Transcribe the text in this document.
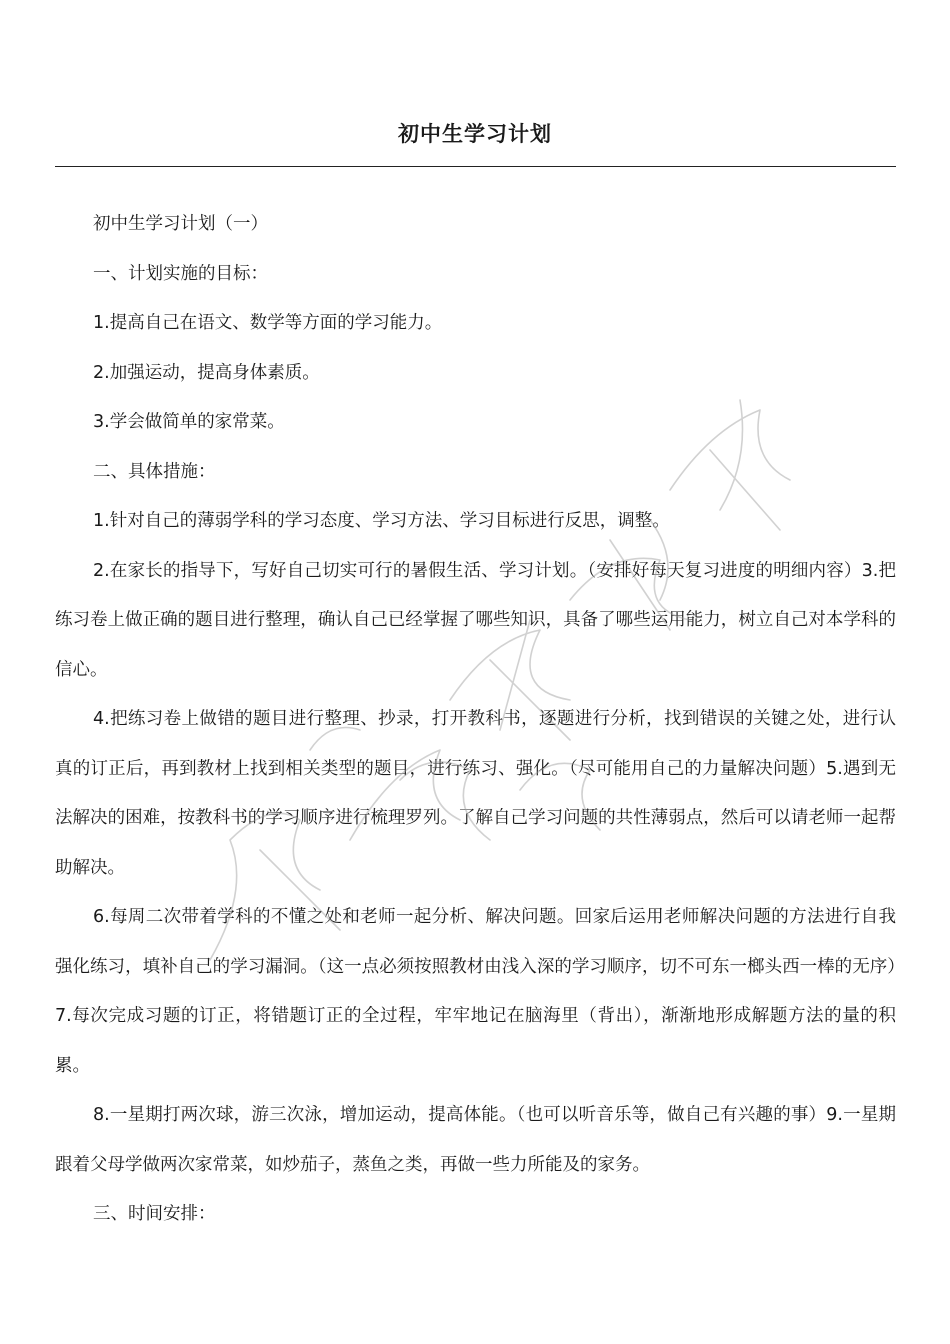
初中生学习计划

初中生学习计划（一）

一、计划实施的目标：

1.提高自己在语文、数学等方面的学习能力。

2.加强运动，提高身体素质。

3.学会做简单的家常菜。

二、具体措施：

1.针对自己的薄弱学科的学习态度、学习方法、学习目标进行反思，调整。

2.在家长的指导下，写好自己切实可行的暑假生活、学习计划。（安排好每天复习进度的明细内容）3.把练习卷上做正确的题目进行整理，确认自己已经掌握了哪些知识，具备了哪些运用能力，树立自己对本学科的信心。

4.把练习卷上做错的题目进行整理、抄录，打开教科书，逐题进行分析，找到错误的关键之处，进行认真的订正后，再到教材上找到相关类型的题目，进行练习、强化。（尽可能用自己的力量解决问题）5.遇到无法解决的困难，按教科书的学习顺序进行梳理罗列。了解自己学习问题的共性薄弱点，然后可以请老师一起帮助解决。

6.每周二次带着学科的不懂之处和老师一起分析、解决问题。回家后运用老师解决问题的方法进行自我强化练习，填补自己的学习漏洞。（这一点必须按照教材由浅入深的学习顺序，切不可东一榔头西一棒的无序）7.每次完成习题的订正，将错题订正的全过程，牢牢地记在脑海里（背出），渐渐地形成解题方法的量的积累。

8.一星期打两次球，游三次泳，增加运动，提高体能。（也可以听音乐等，做自己有兴趣的事）9.一星期跟着父母学做两次家常菜，如炒茄子，蒸鱼之类，再做一些力所能及的家务。

三、时间安排：
